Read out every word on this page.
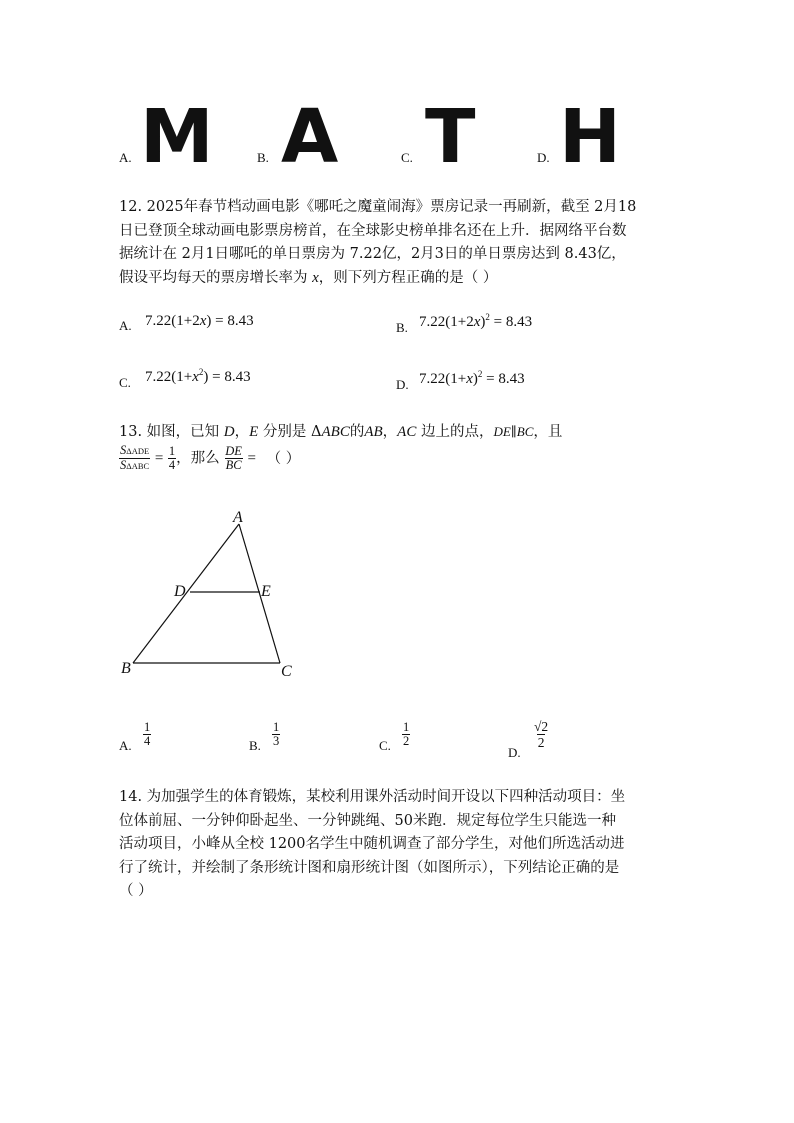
A. M	B. A	C. T	D. H

12. 2025年春节档动画电影《哪吒之魔童闹海》票房记录一再刷新，截至 2月18

日已登顶全球动画电影票房榜首，在全球影史榜单排名还在上升．据网络平台数

据统计在 2月1日哪吒的单日票房为 7.22亿，2月3日的单日票房达到 8.43亿，

假设平均每天的票房增长率为 x，则下列方程正确的是（ ）

A. 7.22(1+2x) = 8.43	B. $7.22(1+2x)^2 = 8.43$
C. $7.22(1+x^2) = 8.43$	D. $7.22(1+x)^2 = 8.43$
13. 如图，已知 D，E 分别是 ΔABC的AB，AC 边上的点，DE∥BC，且
$\frac{\text{SΔADE}}{\text{SΔABC}} = \frac{1}{4}$ ，那么 $\frac{DE}{BC}$ = （ ）
A
D	E
B	C
A. $\frac{1}{4}$	B. $\frac{1}{3}$	C. $\frac{1}{2}$
D.
$\frac{√2}{2}$

14. 为加强学生的体育锻炼，某校利用课外活动时间开设以下四种活动项目：坐

位体前屈、一分钟仰卧起坐、一分钟跳绳、50米跑．规定每位学生只能选一种

活动项目，小峰从全校 1200名学生中随机调查了部分学生，对他们所选活动进

行了统计，并绘制了条形统计图和扇形统计图（如图所示），下列结论正确的是

（ ）
